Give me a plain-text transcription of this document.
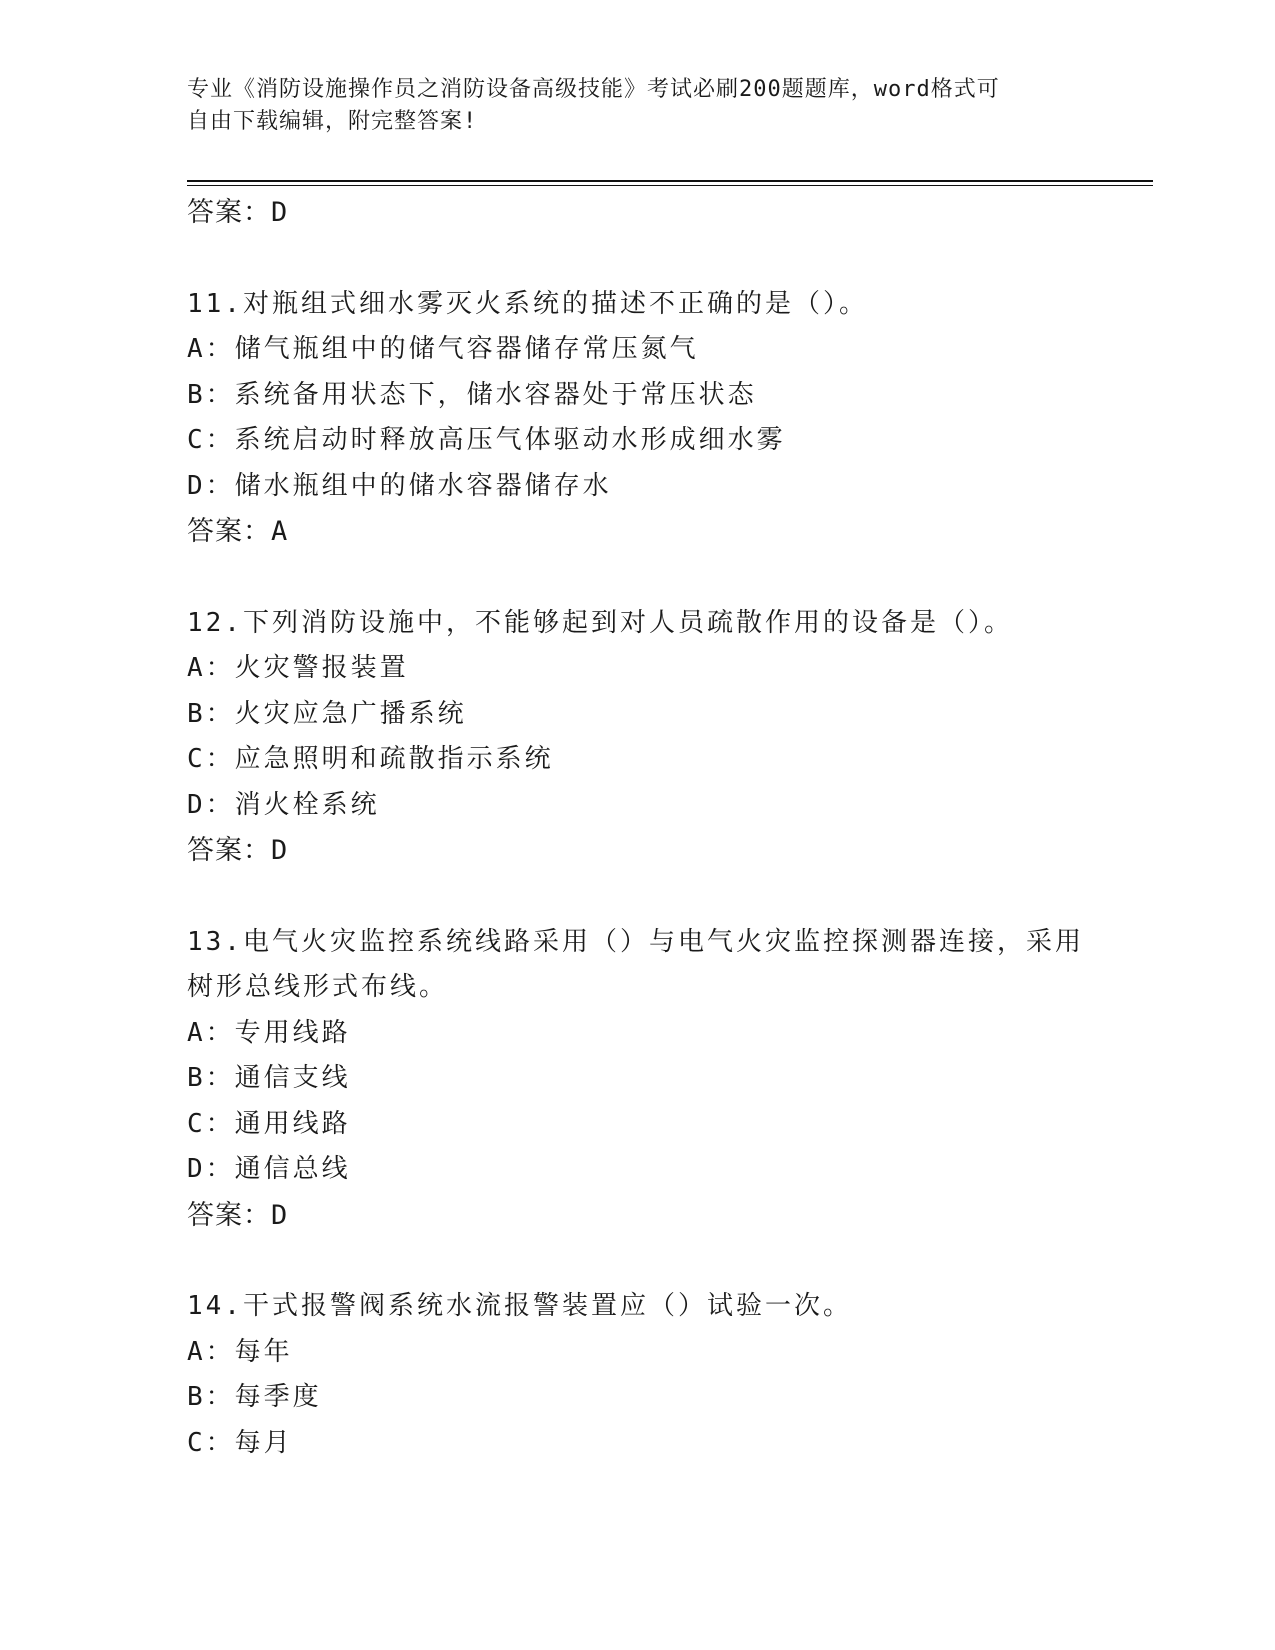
专业《消防设施操作员之消防设备高级技能》考试必刷200题题库，word格式可
自由下载编辑，附完整答案!
答案：D
11.对瓶组式细水雾灭火系统的描述不正确的是（）。
A：储气瓶组中的储气容器储存常压氮气
B：系统备用状态下，储水容器处于常压状态
C：系统启动时释放高压气体驱动水形成细水雾
D：储水瓶组中的储水容器储存水
答案：A
12.下列消防设施中，不能够起到对人员疏散作用的设备是（）。
A：火灾警报装置
B：火灾应急广播系统
C：应急照明和疏散指示系统
D：消火栓系统
答案：D
13.电气火灾监控系统线路采用（）与电气火灾监控探测器连接，采用
树形总线形式布线。
A：专用线路
B：通信支线
C：通用线路
D：通信总线
答案：D
14.干式报警阀系统水流报警装置应（）试验一次。
A：每年
B：每季度
C：每月
